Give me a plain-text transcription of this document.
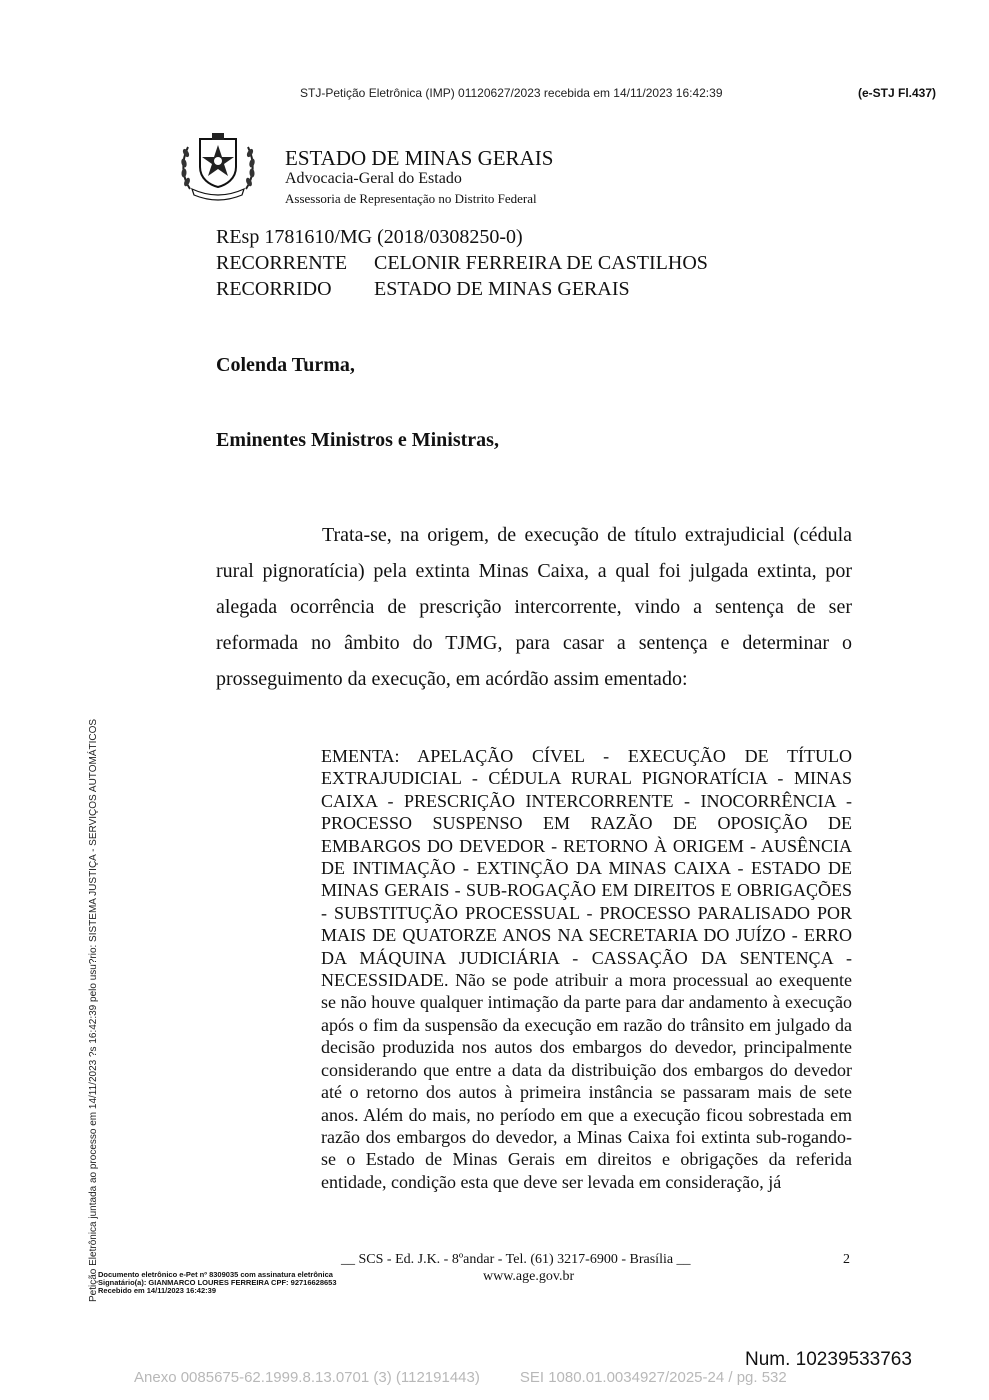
STJ-Petição Eletrônica (IMP) 01120627/2023 recebida em 14/11/2023 16:42:39	(e-STJ Fl.437)
ESTADO DE MINAS GERAIS
Advocacia-Geral do Estado
Assessoria de Representação no Distrito Federal
REsp 1781610/MG (2018/0308250-0)
RECORRENTE CELONIR FERREIRA DE CASTILHOS
RECORRIDO ESTADO DE MINAS GERAIS
Colenda Turma,
Eminentes Ministros e Ministras,

Trata-se, na origem, de execução de título extrajudicial (cédula rural pignoratícia) pela extinta Minas Caixa, a qual foi julgada extinta, por alegada ocorrência de prescrição intercorrente, vindo a sentença de ser reformada no âmbito do TJMG, para casar a sentença e determinar o prosseguimento da execução, em acórdão assim ementado:

EMENTA: APELAÇÃO CÍVEL - EXECUÇÃO DE TÍTULO EXTRAJUDICIAL - CÉDULA RURAL PIGNORATÍCIA - MINAS CAIXA - PRESCRIÇÃO INTERCORRENTE - INOCORRÊNCIA - PROCESSO SUSPENSO EM RAZÃO DE OPOSIÇÃO DE EMBARGOS DO DEVEDOR - RETORNO À ORIGEM - AUSÊNCIA DE INTIMAÇÃO - EXTINÇÃO DA MINAS CAIXA - ESTADO DE MINAS GERAIS - SUB-ROGAÇÃO EM DIREITOS E OBRIGAÇÕES - SUBSTITUÇÃO PROCESSUAL - PROCESSO PARALISADO POR MAIS DE QUATORZE ANOS NA SECRETARIA DO JUÍZO - ERRO DA MÁQUINA JUDICIÁRIA - CASSAÇÃO DA SENTENÇA - NECESSIDADE. Não se pode atribuir a mora processual ao exequente se não houve qualquer intimação da parte para dar andamento à execução após o fim da suspensão da execução em razão do trânsito em julgado da decisão produzida nos autos dos embargos do devedor, principalmente considerando que entre a data da distribuição dos embargos do devedor até o retorno dos autos à primeira instância se passaram mais de sete anos. Além do mais, no período em que a execução ficou sobrestada em razão dos embargos do devedor, a Minas Caixa foi extinta sub-rogando-se o Estado de Minas Gerais em direitos e obrigações da referida entidade, condição esta que deve ser levada em consideração, já

__ SCS - Ed. J.K. - 8ºandar - Tel. (61) 3217-6900 - Brasília __
www.age.gov.br
2
Documento eletrônico e-Pet nº 8309035 com assinatura eletrônica
Signatário(a): GIANMARCO LOURES FERREIRA CPF: 92716628653
Recebido em 14/11/2023 16:42:39
Petição Eletrônica juntada ao processo em 14/11/2023 ?s 16:42:39 pelo usu?rio: SISTEMA JUSTIÇA - SERVIÇOS AUTOMÁTICOS
Num. 10239533763
Anexo 0085675-62.1999.8.13.0701 (3) (112191443)	SEI 1080.01.0034927/2025-24 / pg. 532
